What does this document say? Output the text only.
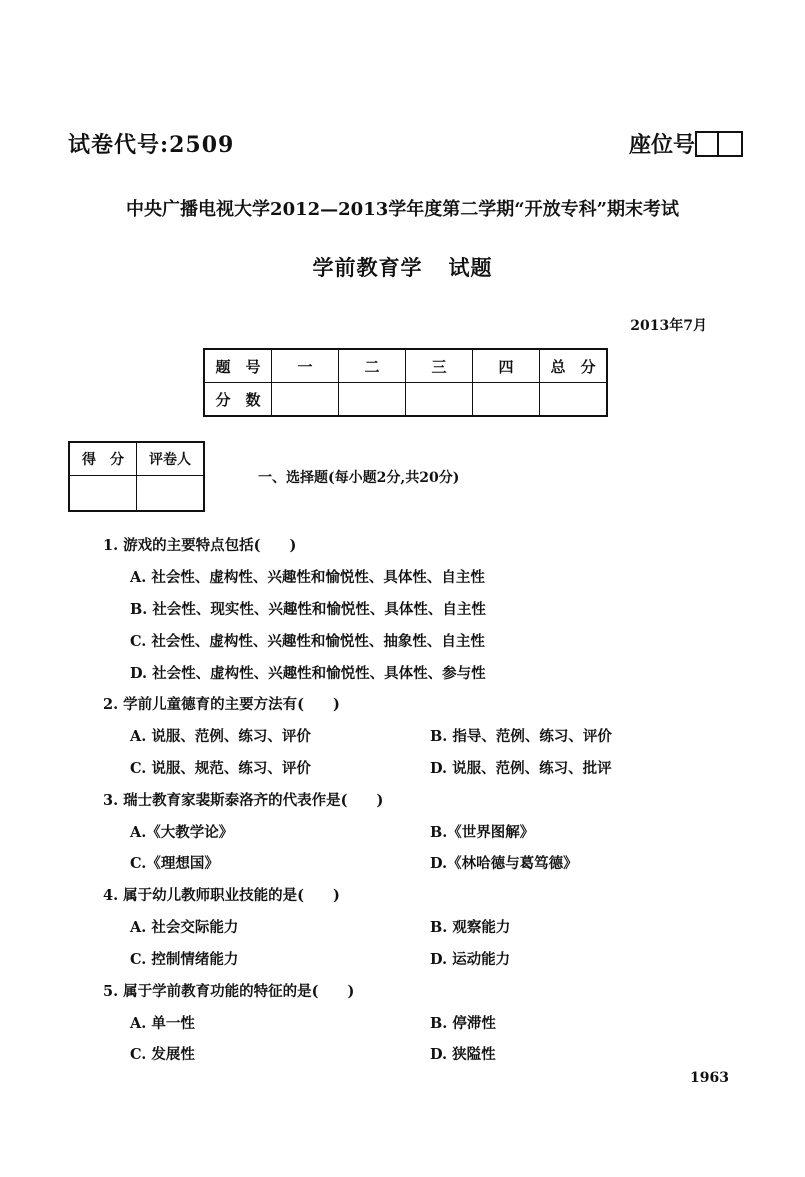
试卷代号:2509	座位号
中央广播电视大学2012—2013学年度第二学期“开放专科”期末考试
学前教育学 试题
2013年7月
题　号	一	二	三	四	总　分
分　数					
得　分	评卷人

一、选择题(每小题2分,共20分)
1. 游戏的主要特点包括(　　)
A. 社会性、虚构性、兴趣性和愉悦性、具体性、自主性
B. 社会性、现实性、兴趣性和愉悦性、具体性、自主性
C. 社会性、虚构性、兴趣性和愉悦性、抽象性、自主性
D. 社会性、虚构性、兴趣性和愉悦性、具体性、参与性
2. 学前儿童德育的主要方法有(　　)
A. 说服、范例、练习、评价	B. 指导、范例、练习、评价
C. 说服、规范、练习、评价	D. 说服、范例、练习、批评
3. 瑞士教育家裴斯泰洛齐的代表作是(　　)
A.《大教学论》	B.《世界图解》
C.《理想国》	D.《林哈德与葛笃德》
4. 属于幼儿教师职业技能的是(　　)
A. 社会交际能力	B. 观察能力
C. 控制情绪能力	D. 运动能力
5. 属于学前教育功能的特征的是(　　)
A. 单一性	B. 停滞性
C. 发展性	D. 狭隘性
1963
